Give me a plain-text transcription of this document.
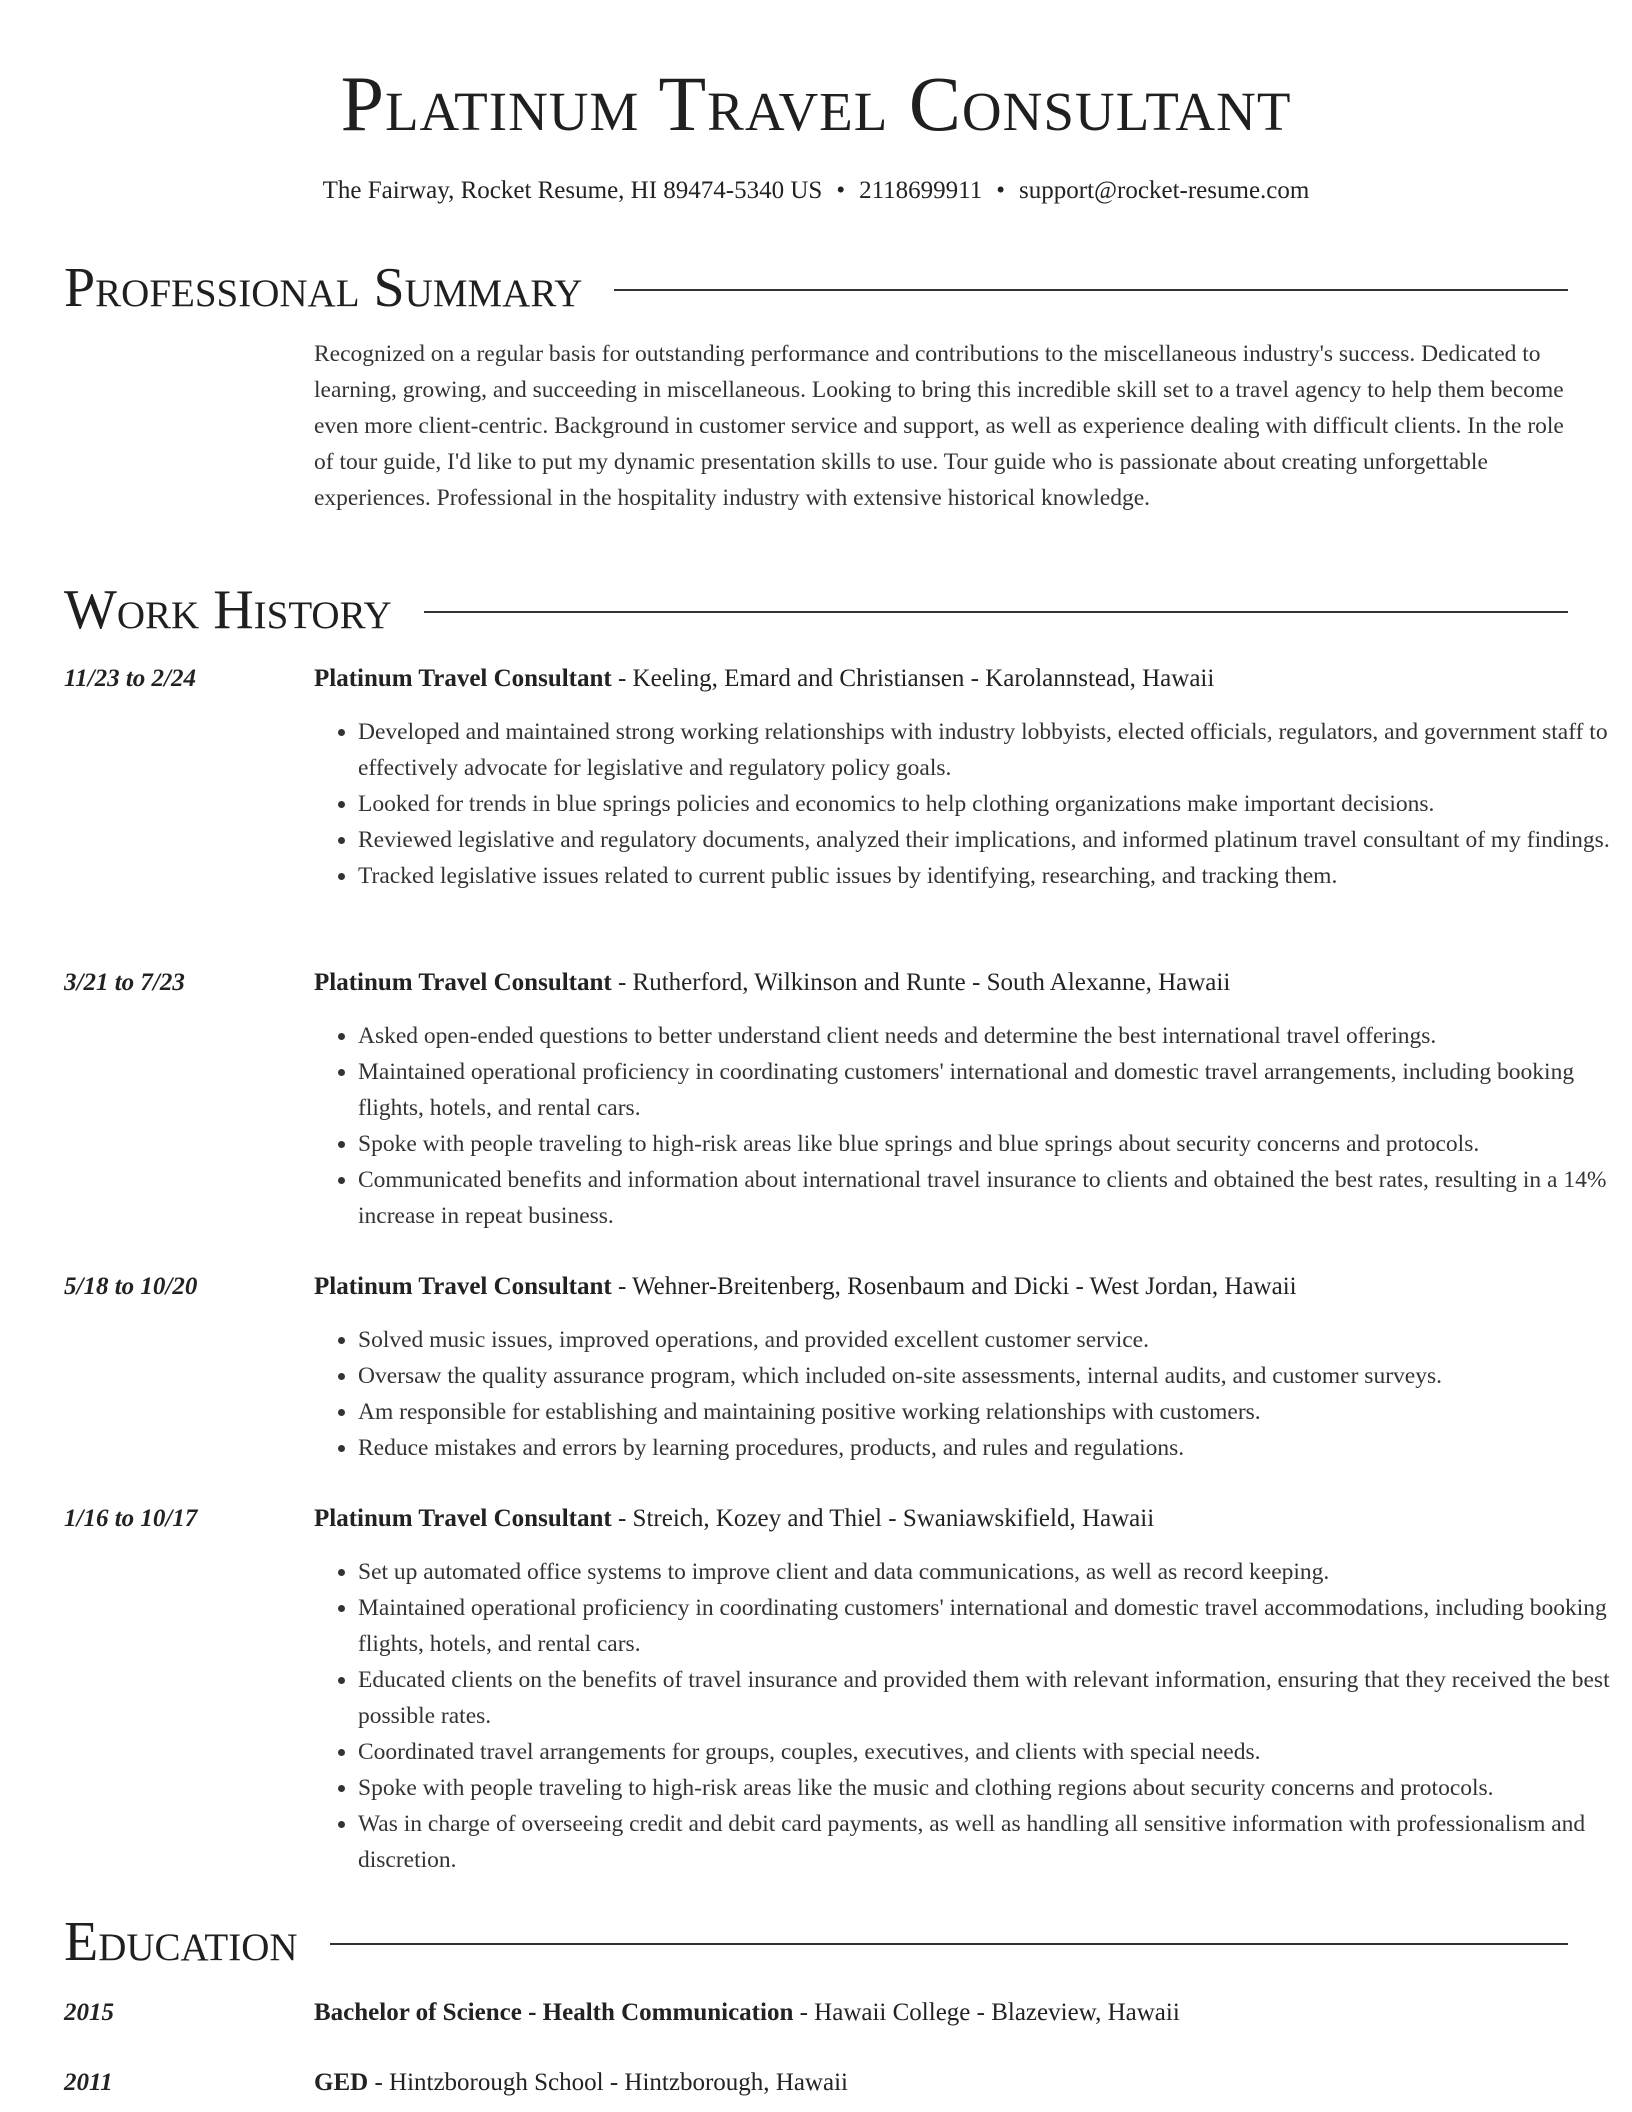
Platinum Travel Consultant
The Fairway, Rocket Resume, HI 89474-5340 US • 2118699911 • support@rocket-resume.com
Professional Summary
Recognized on a regular basis for outstanding performance and contributions to the miscellaneous industry's success. Dedicated to learning, growing, and succeeding in miscellaneous. Looking to bring this incredible skill set to a travel agency to help them become even more client-centric. Background in customer service and support, as well as experience dealing with difficult clients. In the role of tour guide, I'd like to put my dynamic presentation skills to use. Tour guide who is passionate about creating unforgettable experiences. Professional in the hospitality industry with extensive historical knowledge.
Work History
11/23 to 2/24	Platinum Travel Consultant - Keeling, Emard and Christiansen - Karolannstead, Hawaii
• Developed and maintained strong working relationships with industry lobbyists, elected officials, regulators, and government staff to effectively advocate for legislative and regulatory policy goals.
• Looked for trends in blue springs policies and economics to help clothing organizations make important decisions.
• Reviewed legislative and regulatory documents, analyzed their implications, and informed platinum travel consultant of my findings.
• Tracked legislative issues related to current public issues by identifying, researching, and tracking them.
3/21 to 7/23	Platinum Travel Consultant - Rutherford, Wilkinson and Runte - South Alexanne, Hawaii
• Asked open-ended questions to better understand client needs and determine the best international travel offerings.
• Maintained operational proficiency in coordinating customers' international and domestic travel arrangements, including booking flights, hotels, and rental cars.
• Spoke with people traveling to high-risk areas like blue springs and blue springs about security concerns and protocols.
• Communicated benefits and information about international travel insurance to clients and obtained the best rates, resulting in a 14% increase in repeat business.
5/18 to 10/20	Platinum Travel Consultant - Wehner-Breitenberg, Rosenbaum and Dicki - West Jordan, Hawaii
• Solved music issues, improved operations, and provided excellent customer service.
• Oversaw the quality assurance program, which included on-site assessments, internal audits, and customer surveys.
• Am responsible for establishing and maintaining positive working relationships with customers.
• Reduce mistakes and errors by learning procedures, products, and rules and regulations.
1/16 to 10/17	Platinum Travel Consultant - Streich, Kozey and Thiel - Swaniawskifield, Hawaii
• Set up automated office systems to improve client and data communications, as well as record keeping.
• Maintained operational proficiency in coordinating customers' international and domestic travel accommodations, including booking flights, hotels, and rental cars.
• Educated clients on the benefits of travel insurance and provided them with relevant information, ensuring that they received the best possible rates.
• Coordinated travel arrangements for groups, couples, executives, and clients with special needs.
• Spoke with people traveling to high-risk areas like the music and clothing regions about security concerns and protocols.
• Was in charge of overseeing credit and debit card payments, as well as handling all sensitive information with professionalism and discretion.
Education
2015	Bachelor of Science - Health Communication - Hawaii College - Blazeview, Hawaii
2011	GED - Hintzborough School - Hintzborough, Hawaii
